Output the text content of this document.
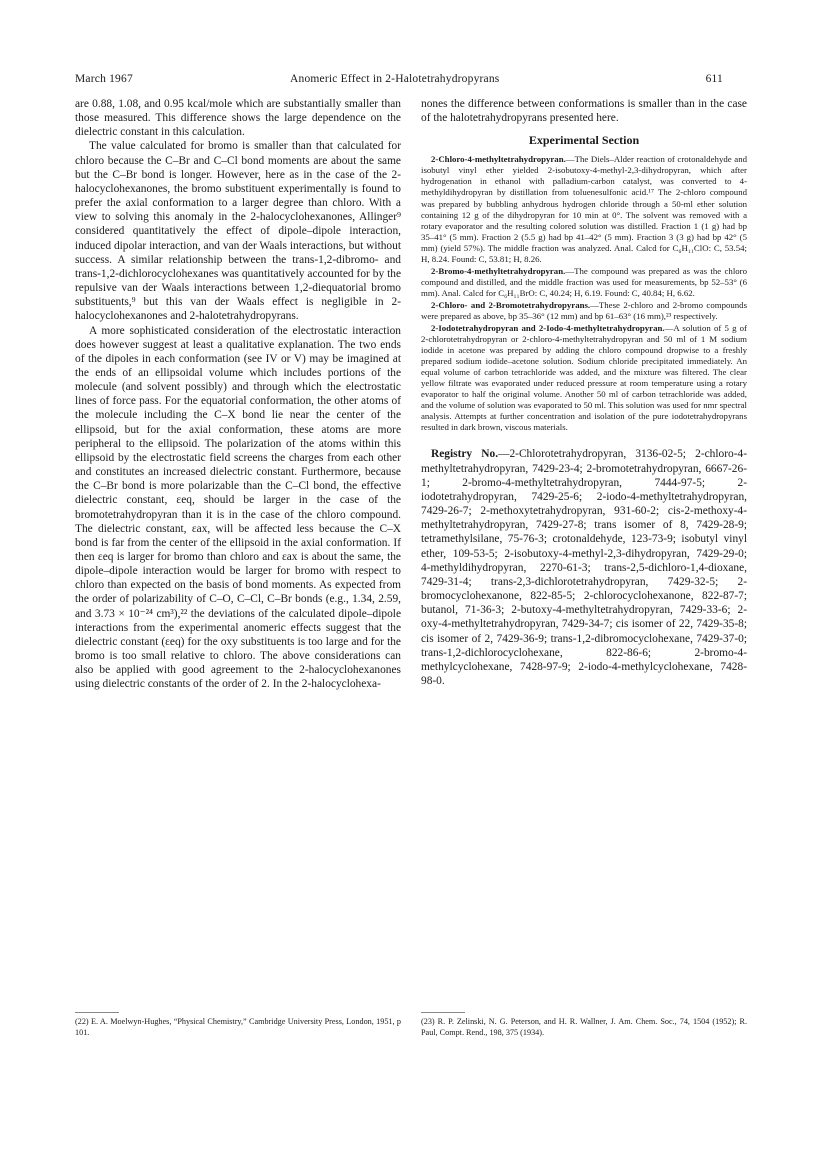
March 1967	Anomeric Effect in 2-Halotetrahydropyrans	611

are 0.88, 1.08, and 0.95 kcal/mole which are substantially smaller than those measured. This difference shows the large dependence on the dielectric constant in this calculation.

The value calculated for bromo is smaller than that calculated for chloro because the C–Br and C–Cl bond moments are about the same but the C–Br bond is longer. However, here as in the case of the 2-halocyclohexanones, the bromo substituent experimentally is found to prefer the axial conformation to a larger degree than chloro. With a view to solving this anomaly in the 2-halocyclohexanones, Allinger⁹ considered quantitatively the effect of dipole–dipole interaction, induced dipolar interaction, and van der Waals interactions, but without success. A similar relationship between the trans-1,2-dibromo- and trans-1,2-dichlorocyclohexanes was quantitatively accounted for by the repulsive van der Waals interactions between 1,2-diequatorial bromo substituents,⁹ but this van der Waals effect is negligible in 2-halocyclohexanones and 2-halotetrahydropyrans.

A more sophisticated consideration of the electrostatic interaction does however suggest at least a qualitative explanation. The two ends of the dipoles in each conformation (see IV or V) may be imagined at the ends of an ellipsoidal volume which includes portions of the molecule (and solvent possibly) and through which the electrostatic lines of force pass. For the equatorial conformation, the other atoms of the molecule including the C–X bond lie near the center of the ellipsoid, but for the axial conformation, these atoms are more peripheral to the ellipsoid. The polarization of the atoms within this ellipsoid by the electrostatic field screens the charges from each other and constitutes an increased dielectric constant. Furthermore, because the C–Br bond is more polarizable than the C–Cl bond, the effective dielectric constant, εeq, should be larger in the case of the bromotetrahydropyran than it is in the case of the chloro compound. The dielectric constant, εax, will be affected less because the C–X bond is far from the center of the ellipsoid in the axial conformation. If then εeq is larger for bromo than chloro and εax is about the same, the dipole–dipole interaction would be larger for bromo with respect to chloro than expected on the basis of bond moments. As expected from the order of polarizability of C–O, C–Cl, C–Br bonds (e.g., 1.34, 2.59, and 3.73 × 10⁻²⁴ cm³),²² the deviations of the calculated dipole–dipole interactions from the experimental anomeric effects suggest that the dielectric constant (εeq) for the oxy substituents is too large and for the bromo is too small relative to chloro. The above considerations can also be applied with good agreement to the 2-halocyclohexanones using dielectric constants of the order of 2. In the 2-halocyclohexa-

nones the difference between conformations is smaller than in the case of the halotetrahydropyrans presented here.

Experimental Section

2-Chloro-4-methyltetrahydropyran.—The Diels–Alder reaction of crotonaldehyde and isobutyl vinyl ether yielded 2-isobutoxy-4-methyl-2,3-dihydropyran, which after hydrogenation in ethanol with palladium-carbon catalyst, was converted to 4-methyldihydropyran by distillation from toluenesulfonic acid.¹⁷ The 2-chloro compound was prepared by bubbling anhydrous hydrogen chloride through a 50-ml ether solution containing 12 g of the dihydropyran for 10 min at 0°. The solvent was removed with a rotary evaporator and the resulting colored solution was distilled. Fraction 1 (1 g) had bp 35–41° (5 mm). Fraction 2 (5.5 g) had bp 41–42° (5 mm). Fraction 3 (3 g) had bp 42° (5 mm) (yield 57%). The middle fraction was analyzed. Anal. Calcd for C₆H₁₁ClO: C, 53.54; H, 8.24. Found: C, 53.81; H, 8.26.

2-Bromo-4-methyltetrahydropyran.—The compound was prepared as was the chloro compound and distilled, and the middle fraction was used for measurements, bp 52–53° (6 mm). Anal. Calcd for C₆H₁₁BrO: C, 40.24; H, 6.19. Found: C, 40.84; H, 6.62.

2-Chloro- and 2-Bromotetrahydropyrans.—These 2-chloro and 2-bromo compounds were prepared as above, bp 35–36° (12 mm) and bp 61–63° (16 mm),²³ respectively.

2-Iodotetrahydropyran and 2-Iodo-4-methyltetrahydropyran.—A solution of 5 g of 2-chlorotetrahydropyran or 2-chloro-4-methyltetrahydropyran and 50 ml of 1 M sodium iodide in acetone was prepared by adding the chloro compound dropwise to a freshly prepared sodium iodide–acetone solution. Sodium chloride precipitated immediately. An equal volume of carbon tetrachloride was added, and the mixture was filtered. The clear yellow filtrate was evaporated under reduced pressure at room temperature using a rotary evaporator to half the original volume. Another 50 ml of carbon tetrachloride was added, and the volume of solution was evaporated to 50 ml. This solution was used for nmr spectral analysis. Attempts at further concentration and isolation of the pure iodotetrahydropyrans resulted in dark brown, viscous materials.

Registry No.—2-Chlorotetrahydropyran, 3136-02-5; 2-chloro-4-methyltetrahydropyran, 7429-23-4; 2-bromotetrahydropyran, 6667-26-1; 2-bromo-4-methyltetrahydropyran, 7444-97-5; 2-iodotetrahydropyran, 7429-25-6; 2-iodo-4-methyltetrahydropyran, 7429-26-7; 2-methoxytetrahydropyran, 931-60-2; cis-2-methoxy-4-methyltetrahydropyran, 7429-27-8; trans isomer of 8, 7429-28-9; tetramethylsilane, 75-76-3; crotonaldehyde, 123-73-9; isobutyl vinyl ether, 109-53-5; 2-isobutoxy-4-methyl-2,3-dihydropyran, 7429-29-0; 4-methyldihydropyran, 2270-61-3; trans-2,5-dichloro-1,4-dioxane, 7429-31-4; trans-2,3-dichlorotetrahydropyran, 7429-32-5; 2-bromocyclohexanone, 822-85-5; 2-chlorocyclohexanone, 822-87-7; butanol, 71-36-3; 2-butoxy-4-methyltetrahydropyran, 7429-33-6; 2-oxy-4-methyltetrahydropyran, 7429-34-7; cis isomer of 22, 7429-35-8; cis isomer of 2, 7429-36-9; trans-1,2-dibromocyclohexane, 7429-37-0; trans-1,2-dichlorocyclohexane, 822-86-6; 2-bromo-4-methylcyclohexane, 7428-97-9; 2-iodo-4-methylcyclohexane, 7428-98-0.

(22) E. A. Moelwyn-Hughes, “Physical Chemistry,” Cambridge University Press, London, 1951, p 101.
(23) R. P. Zelinski, N. G. Peterson, and H. R. Wallner, J. Am. Chem. Soc., 74, 1504 (1952); R. Paul, Compt. Rend., 198, 375 (1934).
